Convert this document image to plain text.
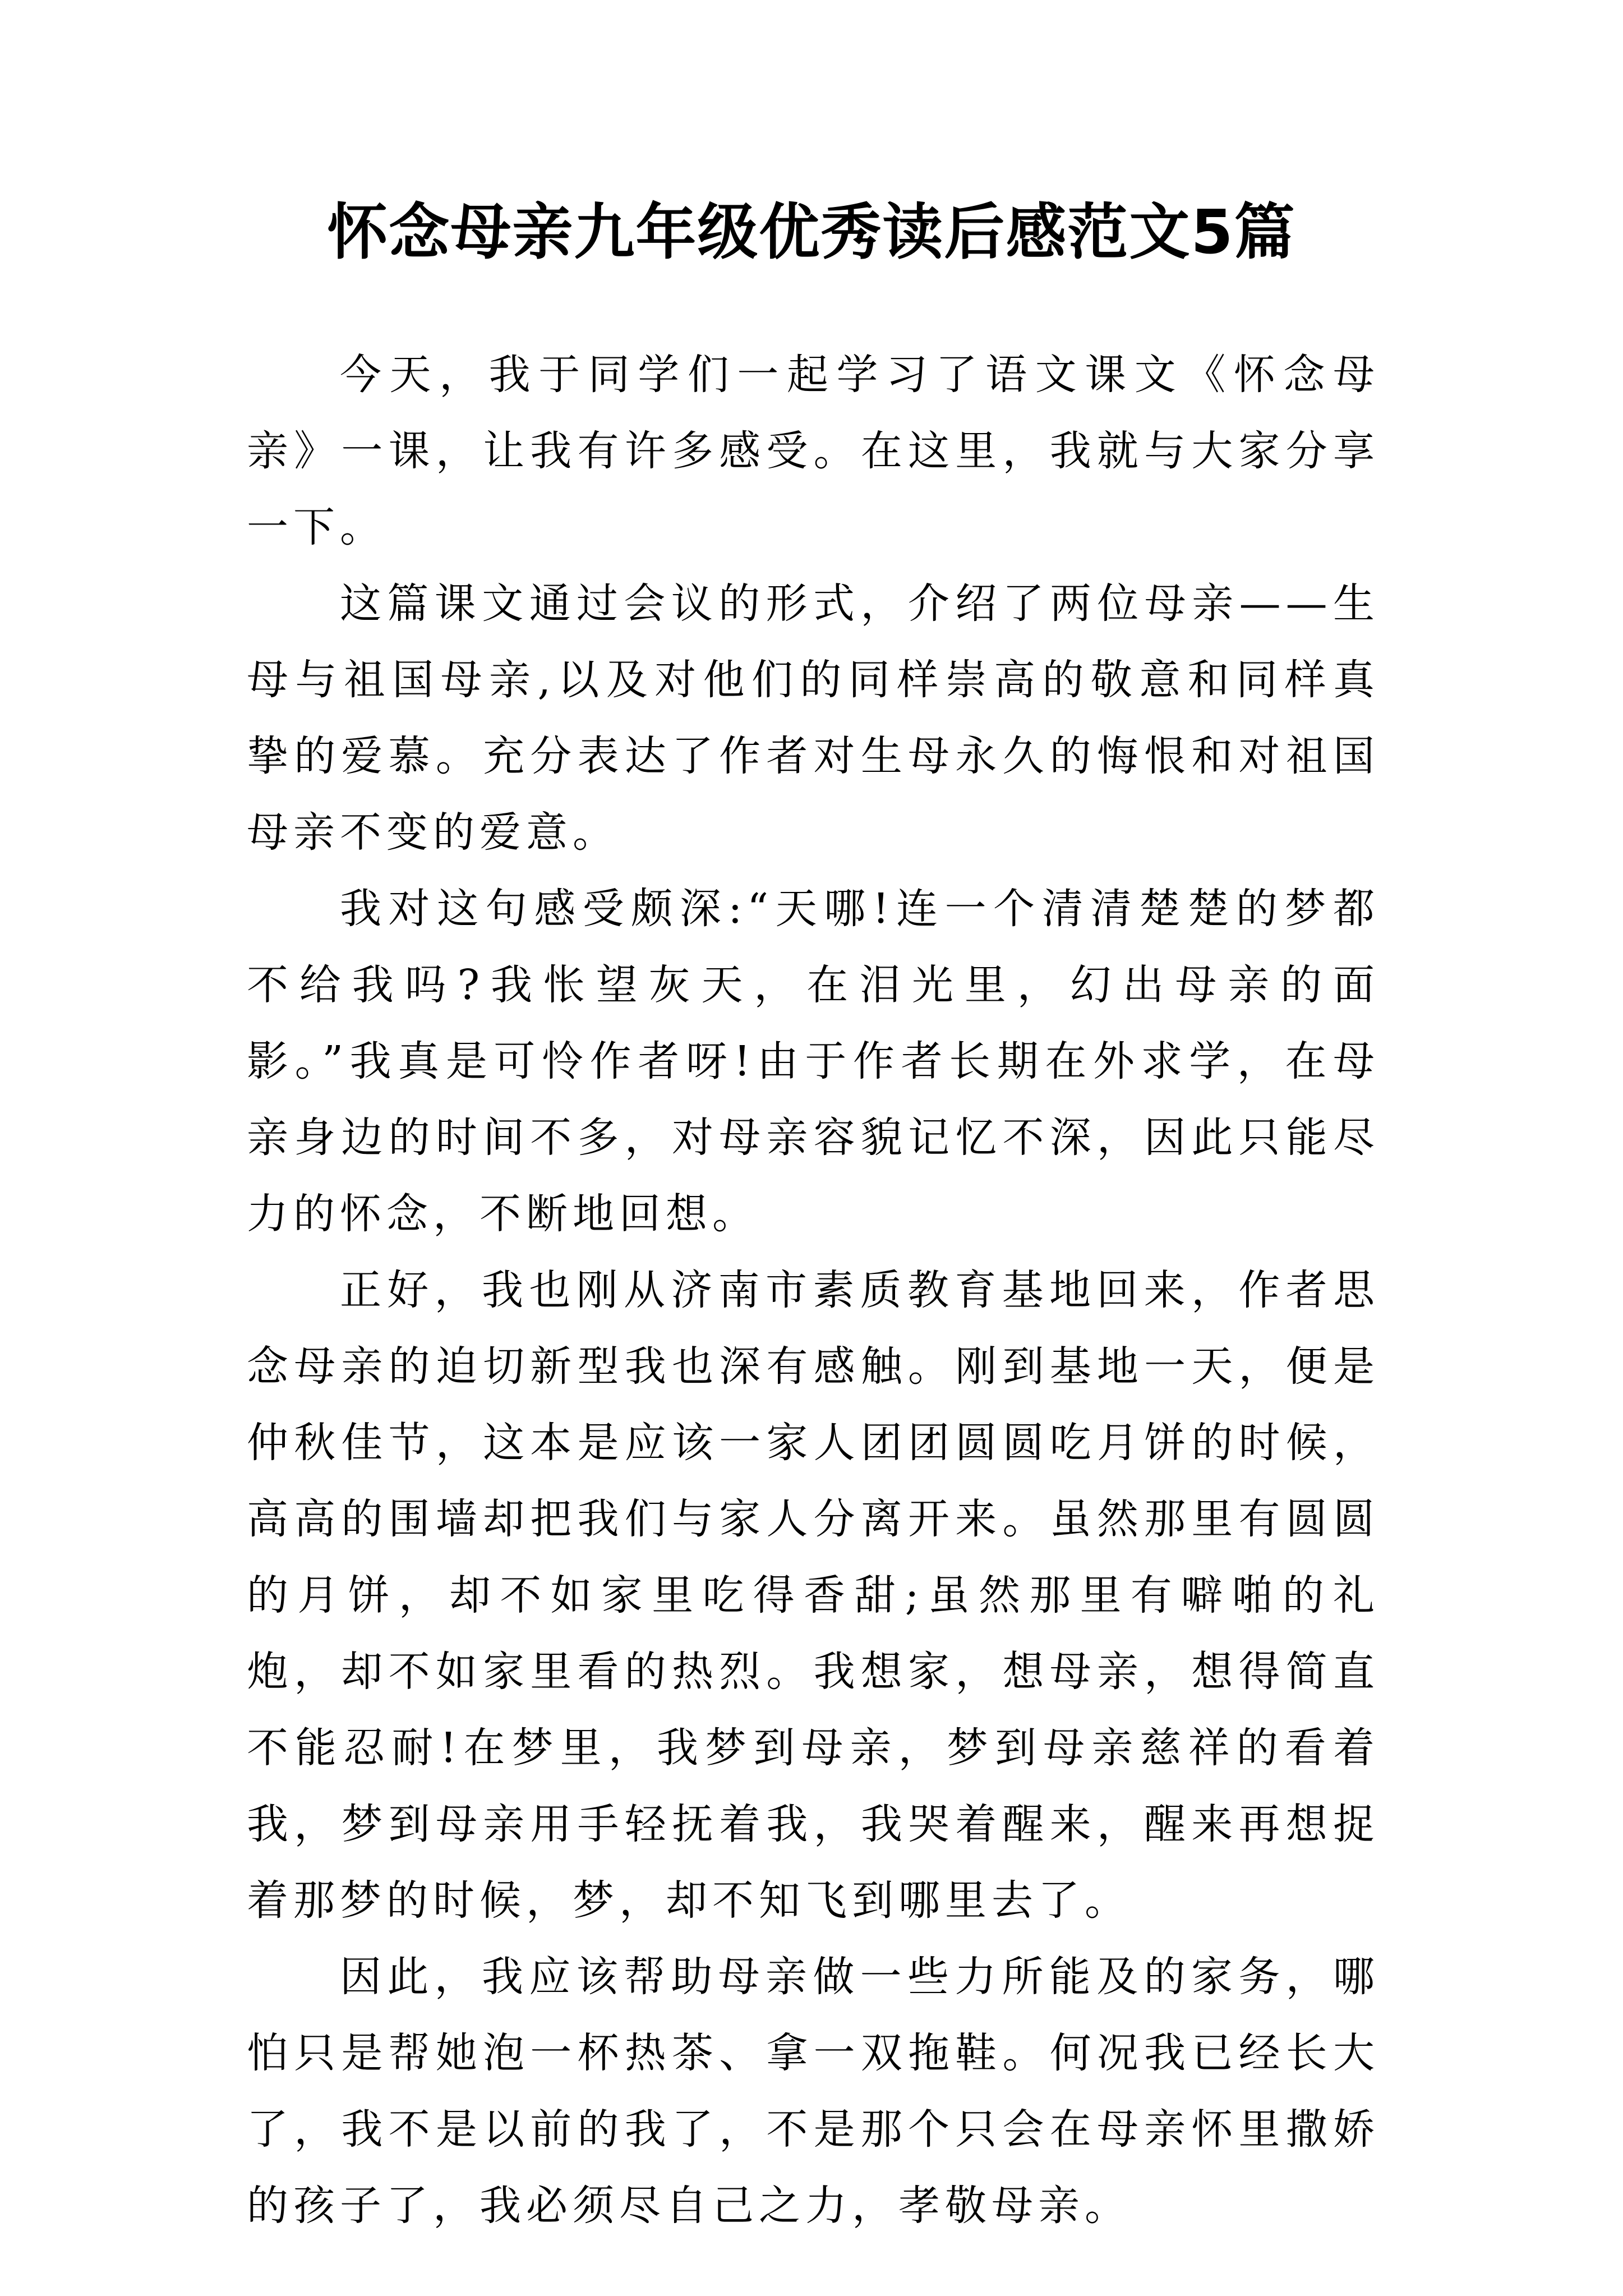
怀念母亲九年级优秀读后感范文5篇

今天，我于同学们一起学习了语文课文《怀念母亲》一课，让我有许多感受。在这里，我就与大家分享一下。

这篇课文通过会议的形式，介绍了两位母亲——生母与祖国母亲,以及对他们的同样崇高的敬意和同样真挚的爱慕。充分表达了作者对生母永久的悔恨和对祖国母亲不变的爱意。

我对这句感受颇深:“天哪!连一个清清楚楚的梦都不给我吗?我怅望灰天，在泪光里，幻出母亲的面影。”我真是可怜作者呀!由于作者长期在外求学，在母亲身边的时间不多，对母亲容貌记忆不深，因此只能尽力的怀念，不断地回想。

正好，我也刚从济南市素质教育基地回来，作者思念母亲的迫切新型我也深有感触。刚到基地一天，便是仲秋佳节，这本是应该一家人团团圆圆吃月饼的时候，高高的围墙却把我们与家人分离开来。虽然那里有圆圆的月饼，却不如家里吃得香甜;虽然那里有噼啪的礼炮，却不如家里看的热烈。我想家，想母亲，想得简直不能忍耐!在梦里，我梦到母亲，梦到母亲慈祥的看着我，梦到母亲用手轻抚着我，我哭着醒来，醒来再想捉着那梦的时候，梦，却不知飞到哪里去了。

因此，我应该帮助母亲做一些力所能及的家务，哪怕只是帮她泡一杯热茶、拿一双拖鞋。何况我已经长大了，我不是以前的我了，不是那个只会在母亲怀里撒娇的孩子了，我必须尽自己之力，孝敬母亲。
